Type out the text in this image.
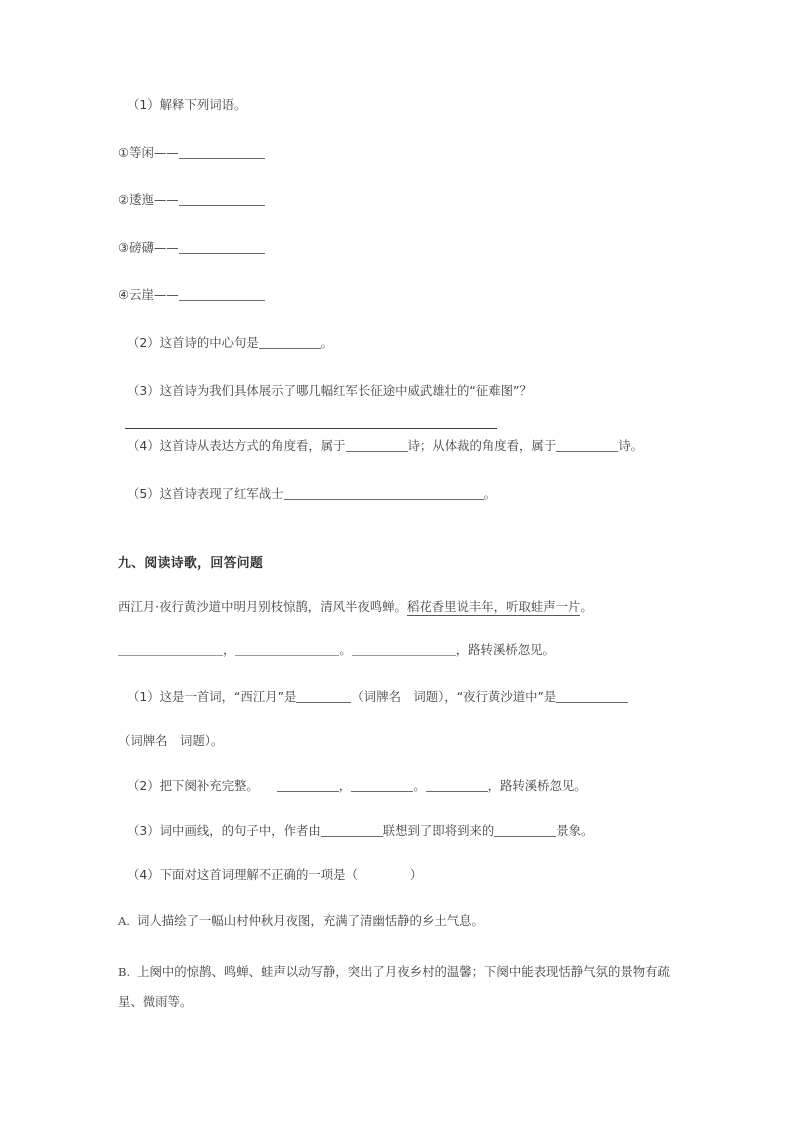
（1）解释下列词语。
①等闲——
②逶迤——
③磅礴——
④云崖——
（2）这首诗的中心句是	。
（3）这首诗为我们具体展示了哪几幅红军长征途中威武雄壮的“征难图”？
（4）这首诗从表达方式的角度看，属于	诗；从体裁的角度看，属于	诗。
（5）这首诗表现了红军战士	。
九、阅读诗歌，回答问题
西江月·夜行黄沙道中明月别枝惊鹊，清风半夜鸣蝉。稻花香里说丰年，听取蛙声一片。
，	。	，路转溪桥忽见。
（1）这是一首词，“西江月”是	（词牌名　词题），“夜行黄沙道中”是
（词牌名　词题）。
（2）把下阕补充完整。	，	。	，路转溪桥忽见。
（3）词中画线，的句子中，作者由	联想到了即将到来的	景象。
（4）下面对这首词理解不正确的一项是（	）
A. 词人描绘了一幅山村仲秋月夜图，充满了清幽恬静的乡土气息。
B. 上阕中的惊鹊、鸣蝉、蛙声以动写静，突出了月夜乡村的温馨；下阕中能表现恬静气氛的景物有疏星、微雨等。
